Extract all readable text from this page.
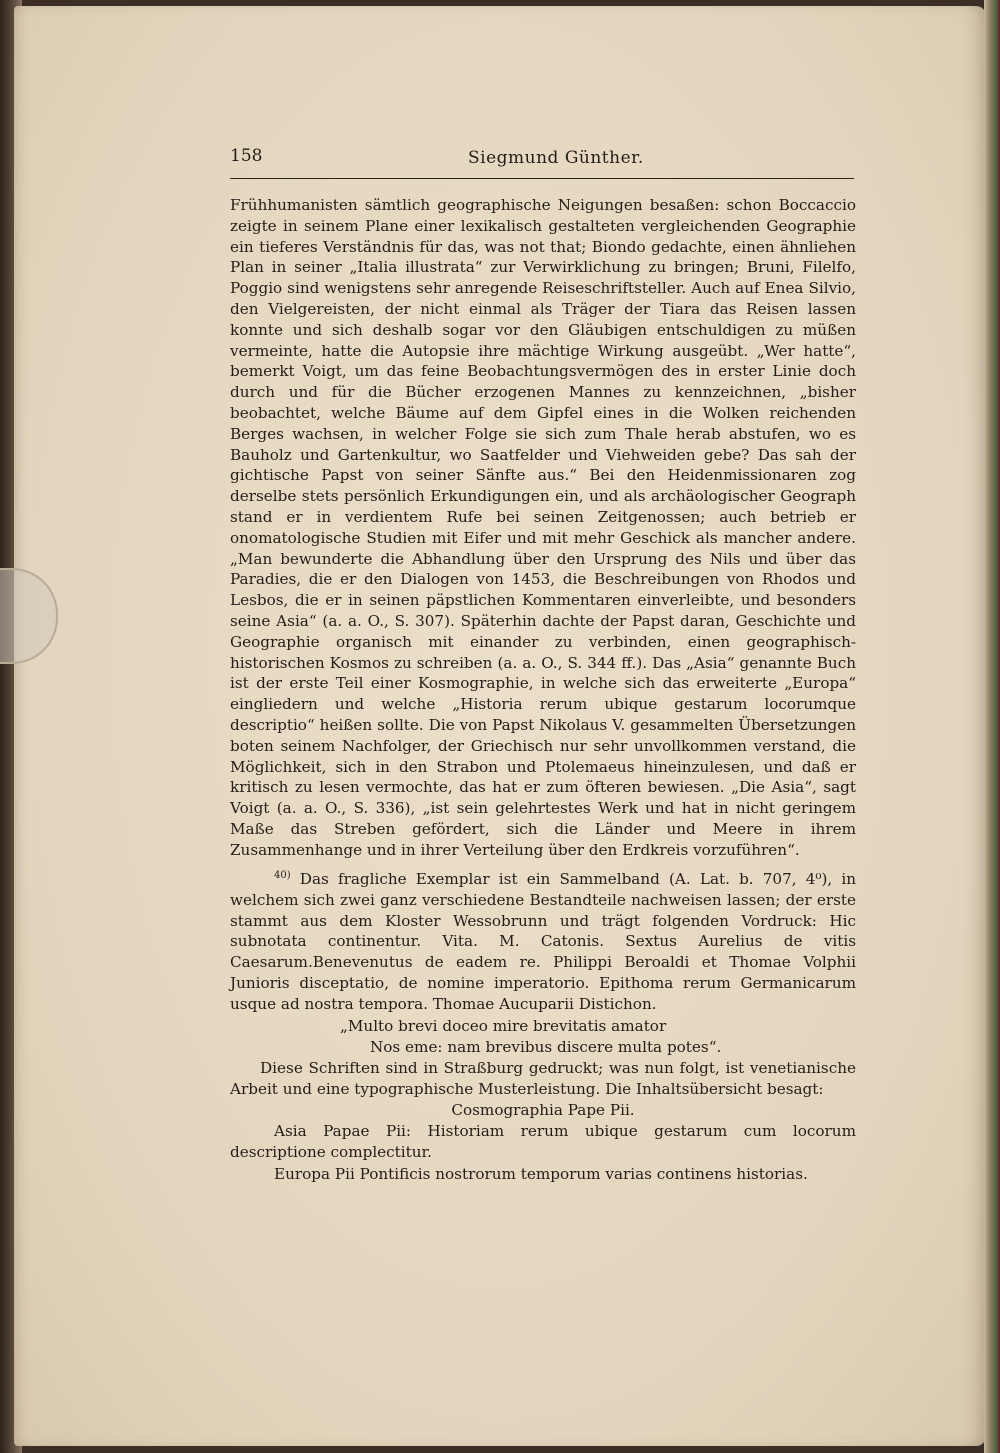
158	Siegmund Günther.

Frühhumanisten sämtlich geographische Neigungen besaßen: schon Boccaccio zeigte in seinem Plane einer lexikalisch gestalteten vergleichenden Geographie ein tieferes Verständnis für das, was not that; Biondo gedachte, einen ähnliehen Plan in seiner „Italia illustrata“ zur Verwirklichung zu bringen; Bruni, Filelfo, Poggio sind wenigstens sehr anregende Reiseschriftsteller. Auch auf Enea Silvio, den Vielgereisten, der nicht einmal als Träger der Tiara das Reisen lassen konnte und sich deshalb sogar vor den Gläubigen entschuldigen zu müßen vermeinte, hatte die Autopsie ihre mächtige Wirkung ausgeübt. „Wer hatte“, bemerkt Voigt, um das feine Beobachtungsvermögen des in erster Linie doch durch und für die Bücher erzogenen Mannes zu kennzeichnen, „bisher beobachtet, welche Bäume auf dem Gipfel eines in die Wolken reichenden Berges wachsen, in welcher Folge sie sich zum Thale herab abstufen, wo es Bauholz und Gartenkultur, wo Saatfelder und Viehweiden gebe? Das sah der gichtische Papst von seiner Sänfte aus.“ Bei den Heidenmissionaren zog derselbe stets persönlich Erkundigungen ein, und als archäologischer Geograph stand er in verdientem Rufe bei seinen Zeitgenossen; auch betrieb er onomatologische Studien mit Eifer und mit mehr Geschick als mancher andere. „Man bewunderte die Abhandlung über den Ursprung des Nils und über das Paradies, die er den Dialogen von 1453, die Beschreibungen von Rhodos und Lesbos, die er in seinen päpstlichen Kommentaren einverleibte, und besonders seine Asia“ (a. a. O., S. 307). Späterhin dachte der Papst daran, Geschichte und Geographie organisch mit einander zu verbinden, einen geographisch-historischen Kosmos zu schreiben (a. a. O., S. 344 ff.). Das „Asia“ genannte Buch ist der erste Teil einer Kosmographie, in welche sich das erweiterte „Europa“ eingliedern und welche „Historia rerum ubique gestarum locorumque descriptio“ heißen sollte. Die von Papst Nikolaus V. gesammelten Übersetzungen boten seinem Nachfolger, der Griechisch nur sehr unvollkommen verstand, die Möglichkeit, sich in den Strabon und Ptolemaeus hineinzulesen, und daß er kritisch zu lesen vermochte, das hat er zum öfteren bewiesen. „Die Asia“, sagt Voigt (a. a. O., S. 336), „ist sein gelehrtestes Werk und hat in nicht geringem Maße das Streben gefördert, sich die Länder und Meere in ihrem Zusammenhange und in ihrer Verteilung über den Erdkreis vorzuführen“.

$^{40)}$ Das fragliche Exemplar ist ein Sammelband (A. Lat. b. 707, 4⁰), in welchem sich zwei ganz verschiedene Bestandteile nachweisen lassen; der erste stammt aus dem Kloster Wessobrunn und trägt folgenden Vordruck: Hic subnotata continentur. Vita. M. Catonis. Sextus Aurelius de vitis Caesarum.Benevenutus de eadem re. Philippi Beroaldi et Thomae Volphii Junioris disceptatio, de nomine imperatorio. Epithoma rerum Germanicarum usque ad nostra tempora. Thomae Aucuparii Distichon.

„Multo brevi doceo mire brevitatis amator

Nos eme: nam brevibus discere multa potes“.

Diese Schriften sind in Straßburg gedruckt; was nun folgt, ist venetianische Arbeit und eine typographische Musterleistung. Die Inhaltsübersicht besagt:

Cosmographia Pape Pii.

Asia Papae Pii: Historiam rerum ubique gestarum cum locorum descriptione complectitur.

Europa Pii Pontificis nostrorum temporum varias continens historias.
